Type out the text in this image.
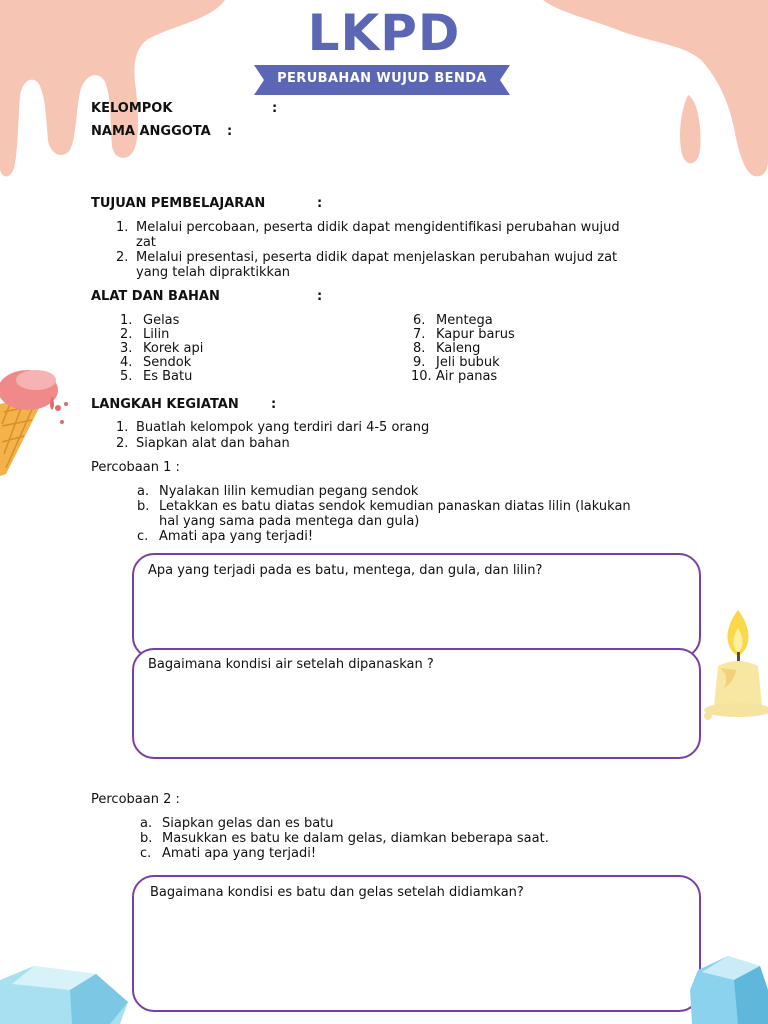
LKPD
PERUBAHAN WUJUD BENDA
KELOMPOK	:
NAMA ANGGOTA :
TUJUAN PEMBELAJARAN	:
1. Melalui percobaan, peserta didik dapat mengidentifikasi perubahan wujud
zat
2. Melalui presentasi, peserta didik dapat menjelaskan perubahan wujud zat
yang telah dipraktikkan
ALAT DAN BAHAN	:
1. Gelas
2. Lilin
3. Korek api
4. Sendok
5. Es Batu
6. Mentega
7. Kapur barus
8. Kaleng
9. Jeli bubuk
10. Air panas
LANGKAH KEGIATAN :
1. Buatlah kelompok yang terdiri dari 4-5 orang
2. Siapkan alat dan bahan
Percobaan 1 :
a. Nyalakan lilin kemudian pegang sendok
b. Letakkan es batu diatas sendok kemudian panaskan diatas lilin (lakukan
hal yang sama pada mentega dan gula)
c. Amati apa yang terjadi!
Apa yang terjadi pada es batu, mentega, dan gula, dan lilin?
Bagaimana kondisi air setelah dipanaskan ?
Percobaan 2 :
a. Siapkan gelas dan es batu
b. Masukkan es batu ke dalam gelas, diamkan beberapa saat.
c. Amati apa yang terjadi!
Bagaimana kondisi es batu dan gelas setelah didiamkan?
